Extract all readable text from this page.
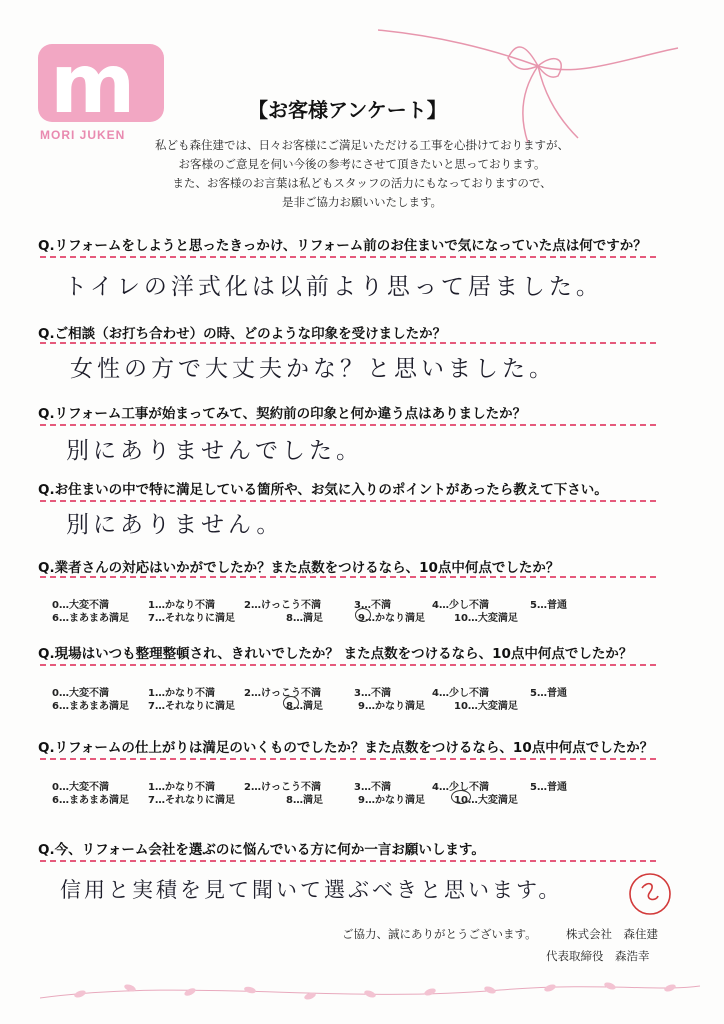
m
MORI JUKEN
【お客様アンケート】
私ども森住建では、日々お客様にご満足いただける工事を心掛けておりますが、
お客様のご意見を伺い今後の参考にさせて頂きたいと思っております。
また、お客様のお言葉は私どもスタッフの活力にもなっておりますので、
是非ご協力お願いいたします。
Q.リフォームをしようと思ったきっかけ、リフォーム前のお住まいで気になっていた点は何ですか？
トイレの洋式化は以前より思って居ました。
Q.ご相談（お打ち合わせ）の時、どのような印象を受けましたか？
女性の方で大丈夫かな？と思いました。
Q.リフォーム工事が始まってみて、契約前の印象と何か違う点はありましたか？
別にありませんでした。
Q.お住まいの中で特に満足している箇所や、お気に入りのポイントがあったら教えて下さい。
別にありません。
Q.業者さんの対応はいかがでしたか？また点数をつけるなら、10点中何点でしたか？
0…大変不満	1…かなり不満	2…けっこう不満	3…不満	4…少し不満	5…普通
6…まあまあ満足 7…それなりに満足	8…満足	9…かなり満足	10…大変満足
Q.現場はいつも整理整頓され、きれいでしたか？ また点数をつけるなら、10点中何点でしたか？
0…大変不満	1…かなり不満	2…けっこう不満	3…不満	4…少し不満	5…普通
6…まあまあ満足 7…それなりに満足	8…満足	9…かなり満足	10…大変満足
Q.リフォームの仕上がりは満足のいくものでしたか？また点数をつけるなら、10点中何点でしたか？
0…大変不満	1…かなり不満	2…けっこう不満	3…不満	4…少し不満	5…普通
6…まあまあ満足 7…それなりに満足	8…満足	9…かなり満足	10…大変満足
Q.今、リフォーム会社を選ぶのに悩んでいる方に何か一言お願いします。
信用と実積を見て聞いて選ぶべきと思います。
ご協力、誠にありがとうございます。	株式会社　森住建
代表取締役　森浩幸
